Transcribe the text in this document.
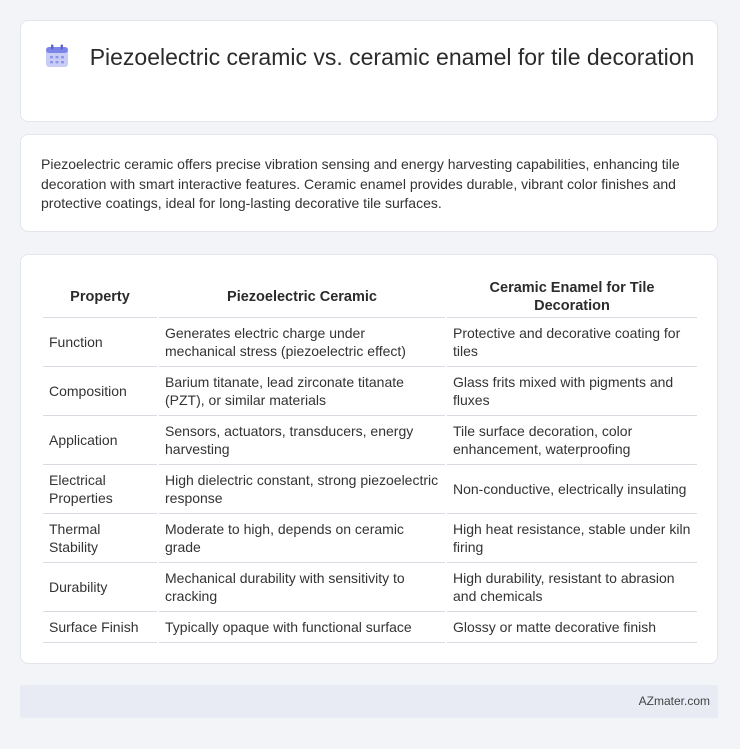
Piezoelectric ceramic vs. ceramic enamel for tile decoration
Piezoelectric ceramic offers precise vibration sensing and energy harvesting capabilities, enhancing tile decoration with smart interactive features. Ceramic enamel provides durable, vibrant color finishes and protective coatings, ideal for long-lasting decorative tile surfaces.
Property	Piezoelectric Ceramic	Ceramic Enamel for Tile Decoration
Function	Generates electric charge under mechanical stress (piezoelectric effect)	Protective and decorative coating for tiles
Composition	Barium titanate, lead zirconate titanate (PZT), or similar materials	Glass frits mixed with pigments and fluxes
Application	Sensors, actuators, transducers, energy harvesting	Tile surface decoration, color enhancement, waterproofing
Electrical Properties	High dielectric constant, strong piezoelectric response	Non-conductive, electrically insulating
Thermal Stability	Moderate to high, depends on ceramic grade	High heat resistance, stable under kiln firing
Durability	Mechanical durability with sensitivity to cracking	High durability, resistant to abrasion and chemicals
Surface Finish	Typically opaque with functional surface	Glossy or matte decorative finish
AZmater.com
